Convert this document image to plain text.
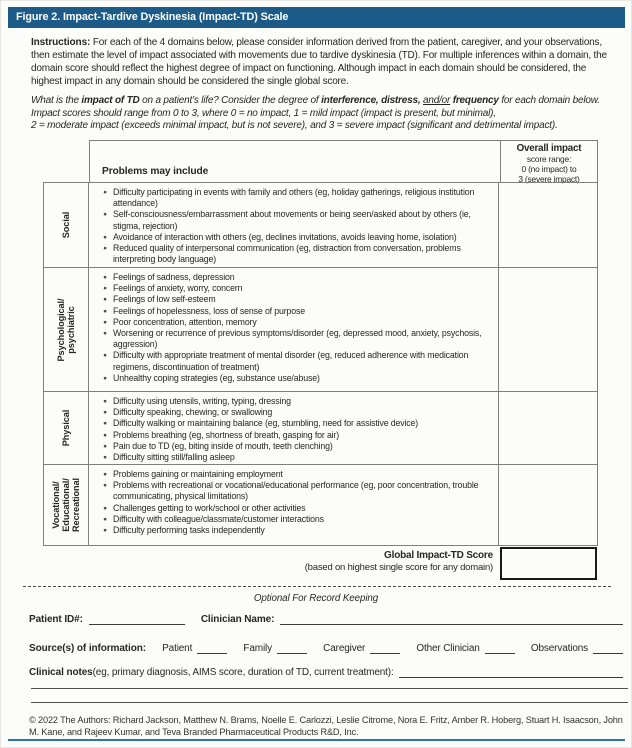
Figure 2. Impact-Tardive Dyskinesia (Impact-TD) Scale
Instructions: For each of the 4 domains below, please consider information derived from the patient, caregiver, and your observations, then estimate the level of impact associated with movements due to tardive dyskinesia (TD). For multiple inferences within a domain, the domain score should reflect the highest degree of impact on functioning. Although impact in each domain should be considered, the highest impact in any domain should be considered the single global score.
What is the impact of TD on a patient’s life? Consider the degree of interference, distress, and/or frequency for each domain below.
Impact scores should range from 0 to 3, where 0 = no impact, 1 = mild impact (impact is present, but minimal),
2 = moderate impact (exceeds minimal impact, but is not severe), and 3 = severe impact (significant and detrimental impact).
Problems may include
Overall impact
score range:
0 (no impact) to
3 (severe impact)
Social
● Difficulty participating in events with family and others (eg, holiday gatherings, religious institution attendance)
● Self-consciousness/embarrassment about movements or being seen/asked about by others (ie, stigma, rejection)
● Avoidance of interaction with others (eg, declines invitations, avoids leaving home, isolation)
● Reduced quality of interpersonal communication (eg, distraction from conversation, problems interpreting body language)
Psychological/ psychiatric
● Feelings of sadness, depression
● Feelings of anxiety, worry, concern
● Feelings of low self-esteem
● Feelings of hopelessness, loss of sense of purpose
● Poor concentration, attention, memory
● Worsening or recurrence of previous symptoms/disorder (eg, depressed mood, anxiety, psychosis, aggression)
● Difficulty with appropriate treatment of mental disorder (eg, reduced adherence with medication regimens, discontinuation of treatment)
● Unhealthy coping strategies (eg, substance use/abuse)
Physical
● Difficulty using utensils, writing, typing, dressing
● Difficulty speaking, chewing, or swallowing
● Difficulty walking or maintaining balance (eg, stumbling, need for assistive device)
● Problems breathing (eg, shortness of breath, gasping for air)
● Pain due to TD (eg, biting inside of mouth, teeth clenching)
● Difficulty sitting still/falling asleep
Vocational/ Educational/ Recreational
● Problems gaining or maintaining employment
● Problems with recreational or vocational/educational performance (eg, poor concentration, trouble communicating, physical limitations)
● Challenges getting to work/school or other activities
● Difficulty with colleague/classmate/customer interactions
● Difficulty performing tasks independently
Global Impact-TD Score
(based on highest single score for any domain)
Optional For Record Keeping
Patient ID#:	Clinician Name:
Source(s) of information: Patient	Family	Caregiver	Other Clinician	Observations
Clinical notes (eg, primary diagnosis, AIMS score, duration of TD, current treatment):
© 2022 The Authors: Richard Jackson, Matthew N. Brams, Noelle E. Carlozzi, Leslie Citrome, Nora E. Fritz, Amber R. Hoberg, Stuart H. Isaacson, John M. Kane, and Rajeev Kumar, and Teva Branded Pharmaceutical Products R&D, Inc.
